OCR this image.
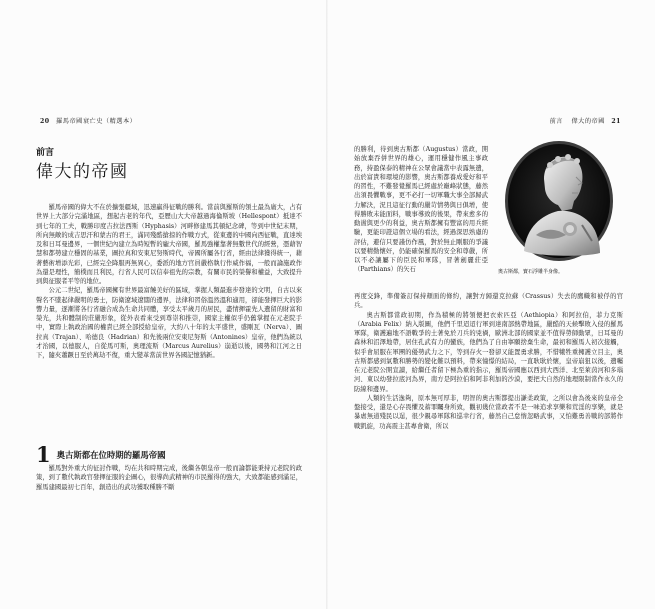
20 羅馬帝國衰亡史（精選本）
前言
偉大的帝國

羅馬帝國的偉大不在於擴張疆域，迅速贏得征戰的勝利。當前與羅斯的領土最為廣大，占有世界上大部分完滿地區，想起古老的年代，亞歷山大大帝越過海倫斯坡（Hellespont）抵達不到七年的工夫，戰勝印度吉拉法西斯（Hyphasis）河畔修建馬其頓紀念碑，等到中世紀末期，所向無敵的成吉思汗和蒙古的君王，滿同殘酷搶掠的作戰方式，從東邊的中國向西征戰，直達埃及和日耳曼邊界，一個世紀內建立為時短暫的龐大帝國，羅馬強權靠著無數世代的經營，憑藉智慧和都勢建立穩固的基業，圖拉真和安東尼努斯時代，帝國所屬各行省，經由法律獲得統一，藉著藝術增添光彩，已經完全降服再無異心，委派的地方官員嚴格執行作威作福，一般而論施政作為還是理性，簡樸而且利民，行省人民可以信奉祖先的宗教，有關市民的榮譽和權益，大致提升到與征服者平等的地位。

公元二世紀，羅馬帝國擁有世界最富饒美好的區域，掌握人類最進步發達的文明，自古以來聲名不墜起律嚴明的勇士，防衛遼域遼闊的邊界，法律和習俗溫然溫和適用，卻能發揮巨大的影響力量，逐漸將各行省融合成為生命共同體，享受太平歲月的居民，盡情揮霍先人遺留的財富和榮光，共和體制的莊嚴形象，從外表看來受到尊崇和推崇，國家主權似乎仍舊掌握在元老院手中，實際上執政治國的權責已經全部授給皇帝，大約八十年的太平盛世，盛剛瓦（Nerva）、圖拉真（Trajan）、哈德良（Hadrian）和先後兩位安東尼努斯（Antonines）皇帝，他們為統以才治國，以德服人，自從馬可斯，奧理流斯（Marcus Aurelius）崩逝以後，國勢和江河之日下，隨夾蕭蹶日至於萬劫不復，重大變革當前世界各國記憶猶新。

1 奧古斯都在位時期的羅馬帝國

羅馬對外重大的征討作戰，均在共和時期完成，後繼各朝皇帝一般而論都能秉持元老院的政策，到了數代執政官發揮征服的企圖心，很導尚武精神的市民羅得的強大，大致都能感到滿足，羅馬建國最初七百年，創造出的武功獲取種勝不斷

前言 偉大的帝國 21

的勝利，待到奧古斯都（Augustus）當政，開始放棄吞併世界的雄心，運用穩健作風主事政務，持盈保泰的精神在公眾會議當中表露無遺，出於富貴和環境的影響，奧古斯都養成愛好和平的習性，不難發覺羅馬已經處於巔峰狀態，藤然出須畏懼戰事，更不必打一切軍職大事全部歸武力解決，況且這征行動的嚴苛情勢與日俱增，使得勝敗未能面料，戰事導致的後果，帶來愈多的動盪與更少的利益，奧古斯都擁有豐富的用兵經驗，更能印證這個立場的看法，經過深思熟慮的評估，避信只要謹仿作風，對於無止剛服的爭議以要精勤懷奸，仍能確保羅馬的安全和尊嚴，所以不必讓屬下的臣民和軍隊，冒著劍麗莊亞（Parthians）的矢石	奧古斯都，寶石浮雕半身像。

再度交鋒，準備簽訂保持顏面的條約，讓對方歸還克拉蘇（Crassus）失去的鷹幟和被俘的官兵。

奧古斯都當政初期，作為積極的將領便把衣索匹亞（Aethiopia）和阿拉伯，菲力克斯（Arabia Felix）納入版圖，他們千里迢迢行軍到達南部熱帶地區，嚴酷的天候擊敗入侵的羅馬軍隊，衛護遍地不語戰爭的土著免於刀兵的兇禍，歐洲北部的國家並不值得勞師動眾，日耳曼的森林和沼澤地帶，居住孔武有力的蠻族，他們為了自由寧願捨棄生命，最初和羅馬人初次接觸，似乎會屈服在軍團的優勢武力之下，等到存火一發卻又能置勇求勝，不惜犧牲重擁護立目主，奧古斯都感到氣數和勝勢的變化難以預料，帶來憧憬的結局，一直耿耿於懷，皇帝崩狙以後，遺囑在元老院公開宣讀，給繼任者留下極為重的指示，羅馬帝國應以西到大西洋、北至萊茵河和多瑙河、東以幼發拉底河為界，南方是阿拉伯和阿非利加的沙漠，要把大自然的地理限制當作永久的防線和邊界。

人類的生活逸夠，原本無可厚非，明智的奧古斯都提出謙柔政策，之所以會為後來的皇帝全盤接受，還是心存畏懼及蓄罪矚身所致，觀初幾位當政者不是一味追求享樂和荒淫的享樂，就是暴虐無道殘民以逞，很少親尋軍隊和巡幸行省，藤然自己怠惰忽略武事，又怕難勇善戰的部將作戰凱旋，功高震主甚專會衛，所以
